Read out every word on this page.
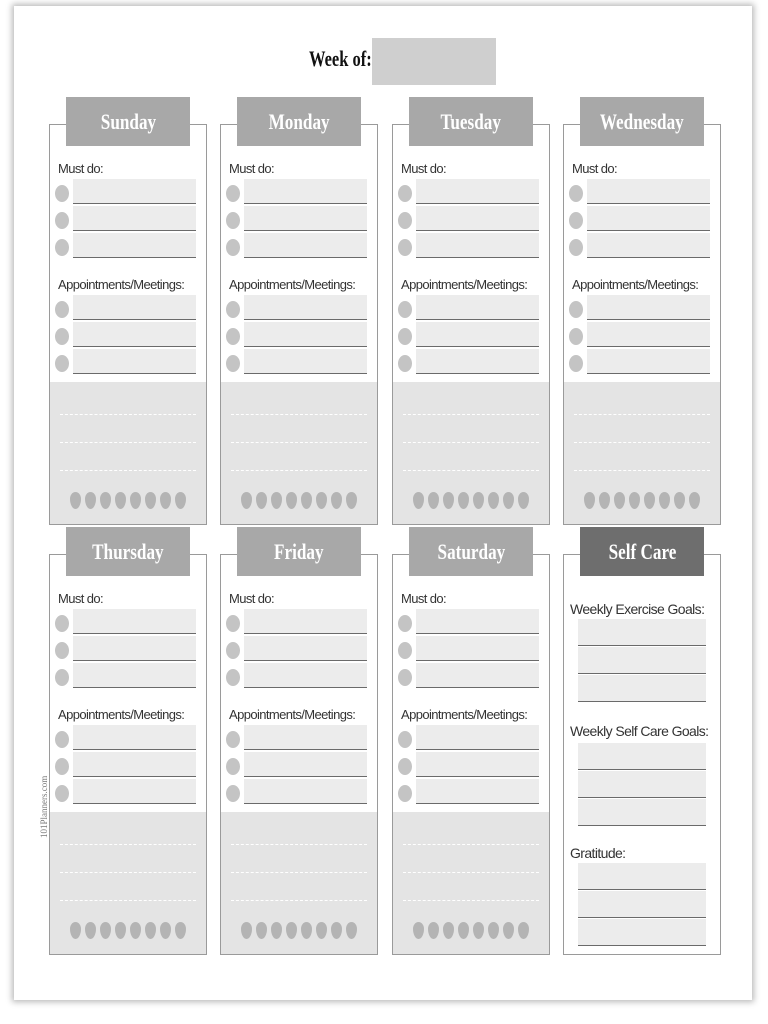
Week of:
Sunday
Must do:
Appointments/Meetings:
Monday
Must do:
Appointments/Meetings:
Tuesday
Must do:
Appointments/Meetings:
Wednesday
Must do:
Appointments/Meetings:
Thursday
Must do:
Appointments/Meetings:
Friday
Must do:
Appointments/Meetings:
Saturday
Must do:
Appointments/Meetings:
Self Care
Weekly Exercise Goals:
Weekly Self Care Goals:
Gratitude:
101Planners.com
